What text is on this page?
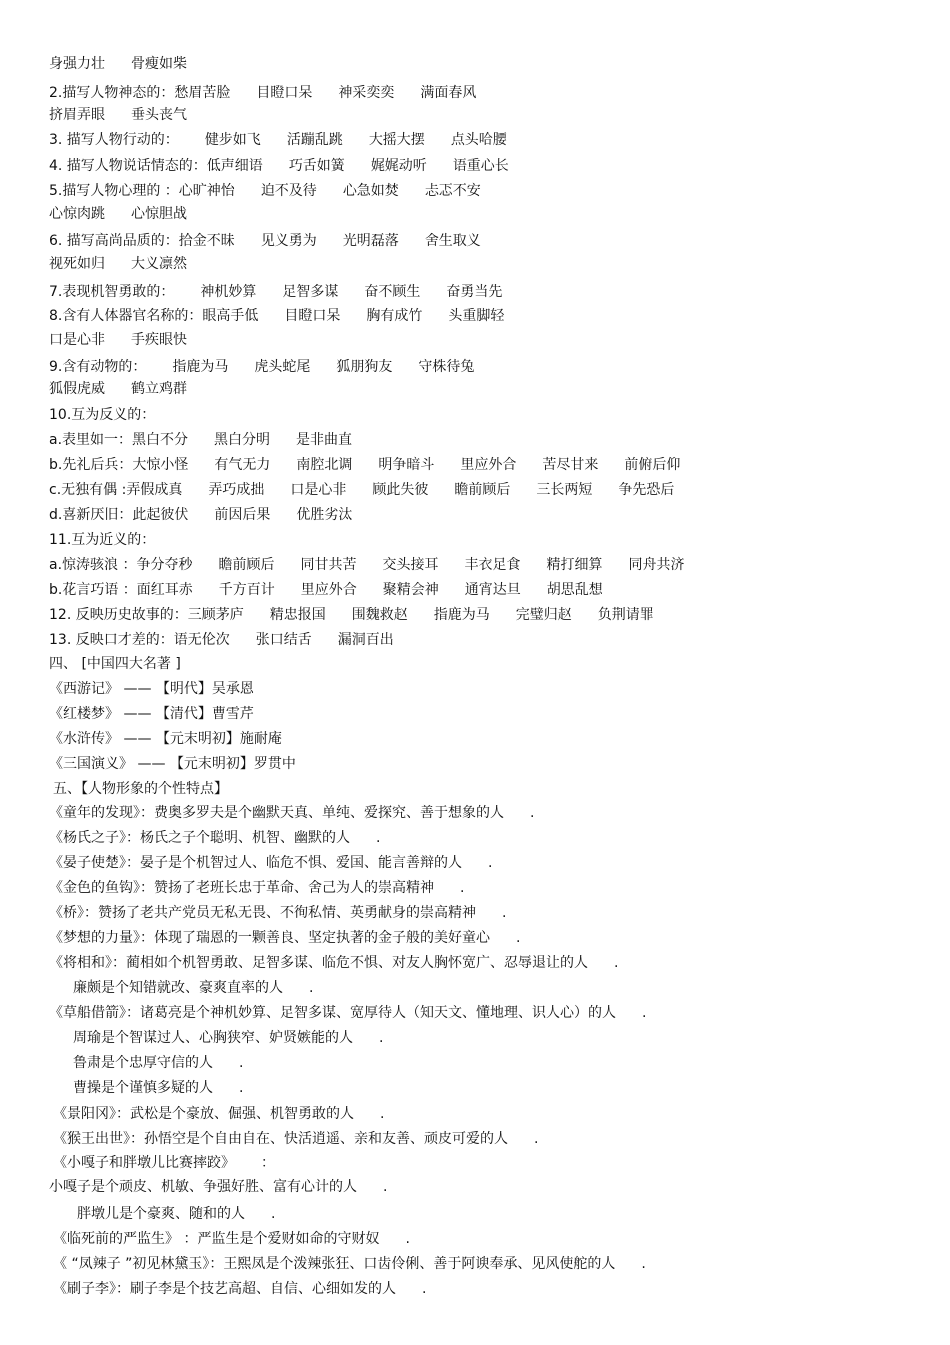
身强力壮 骨瘦如柴
2.描写人物神态的：愁眉苦脸 目瞪口呆 神采奕奕 满面春风
挤眉弄眼 垂头丧气
3. 描写人物行动的： 健步如飞 活蹦乱跳 大摇大摆 点头哈腰
4. 描写人物说话情态的：低声细语 巧舌如簧 娓娓动听 语重心长
5.描写人物心理的 ：心旷神怡 迫不及待 心急如焚 忐忑不安
心惊肉跳 心惊胆战
6. 描写高尚品质的：拾金不昧 见义勇为 光明磊落 舍生取义
视死如归 大义凛然
7.表现机智勇敢的： 神机妙算 足智多谋 奋不顾生 奋勇当先
8.含有人体器官名称的：眼高手低 目瞪口呆 胸有成竹 头重脚轻
口是心非 手疾眼快
9.含有动物的： 指鹿为马 虎头蛇尾 狐朋狗友 守株待兔
狐假虎威 鹤立鸡群
10.互为反义的：
a.表里如一：黑白不分 黑白分明 是非曲直
b.先礼后兵：大惊小怪 有气无力 南腔北调 明争暗斗 里应外合 苦尽甘来 前俯后仰
c.无独有偶 :弄假成真 弄巧成拙 口是心非 顾此失彼 瞻前顾后 三长两短 争先恐后
d.喜新厌旧：此起彼伏 前因后果 优胜劣汰
11.互为近义的：
a.惊涛骇浪 ：争分夺秒 瞻前顾后 同甘共苦 交头接耳 丰衣足食 精打细算 同舟共济
b.花言巧语 ：面红耳赤 千方百计 里应外合 聚精会神 通宵达旦 胡思乱想
12. 反映历史故事的：三顾茅庐 精忠报国 围魏救赵 指鹿为马 完璧归赵 负荆请罪
13. 反映口才差的：语无伦次 张口结舌 漏洞百出
四、 [中国四大名著 ]
《西游记》 —— 【明代】吴承恩
《红楼梦》 —— 【清代】曹雪芹
《水浒传》 —— 【元末明初】施耐庵
《三国演义》 —— 【元末明初】罗贯中
五、【人物形象的个性特点】
《童年的发现》：费奥多罗夫是个幽默天真、单纯、爱探究、善于想象的人 .
《杨氏之子》：杨氏之子个聪明、机智、幽默的人 .
《晏子使楚》：晏子是个机智过人、临危不惧、爱国、能言善辩的人 .
《金色的鱼钩》：赞扬了老班长忠于革命、舍己为人的崇高精神 .
《桥》：赞扬了老共产党员无私无畏、不徇私情、英勇献身的崇高精神 .
《梦想的力量》：体现了瑞恩的一颗善良、坚定执著的金子般的美好童心 .
《将相和》：蔺相如个机智勇敢、足智多谋、临危不惧、对友人胸怀宽广、忍辱退让的人 .
廉颇是个知错就改、豪爽直率的人 .
《草船借箭》：诸葛亮是个神机妙算、足智多谋、宽厚待人（知天文、懂地理、识人心）的人 .
周瑜是个智谋过人、心胸狭窄、妒贤嫉能的人 .
鲁肃是个忠厚守信的人 .
曹操是个谨慎多疑的人 .
《景阳冈》：武松是个豪放、倔强、机智勇敢的人 .
《猴王出世》：孙悟空是个自由自在、快活逍遥、亲和友善、顽皮可爱的人 .
《小嘎子和胖墩儿比赛摔跤》 ：
小嘎子是个顽皮、机敏、争强好胜、富有心计的人 .
胖墩儿是个豪爽、随和的人 .
《临死前的严监生》 ：严监生是个爱财如命的守财奴 .
《 “凤辣子 ”初见林黛玉》：王熙凤是个泼辣张狂、口齿伶俐、善于阿谀奉承、见风使舵的人 .
《刷子李》：刷子李是个技艺高超、自信、心细如发的人 .
